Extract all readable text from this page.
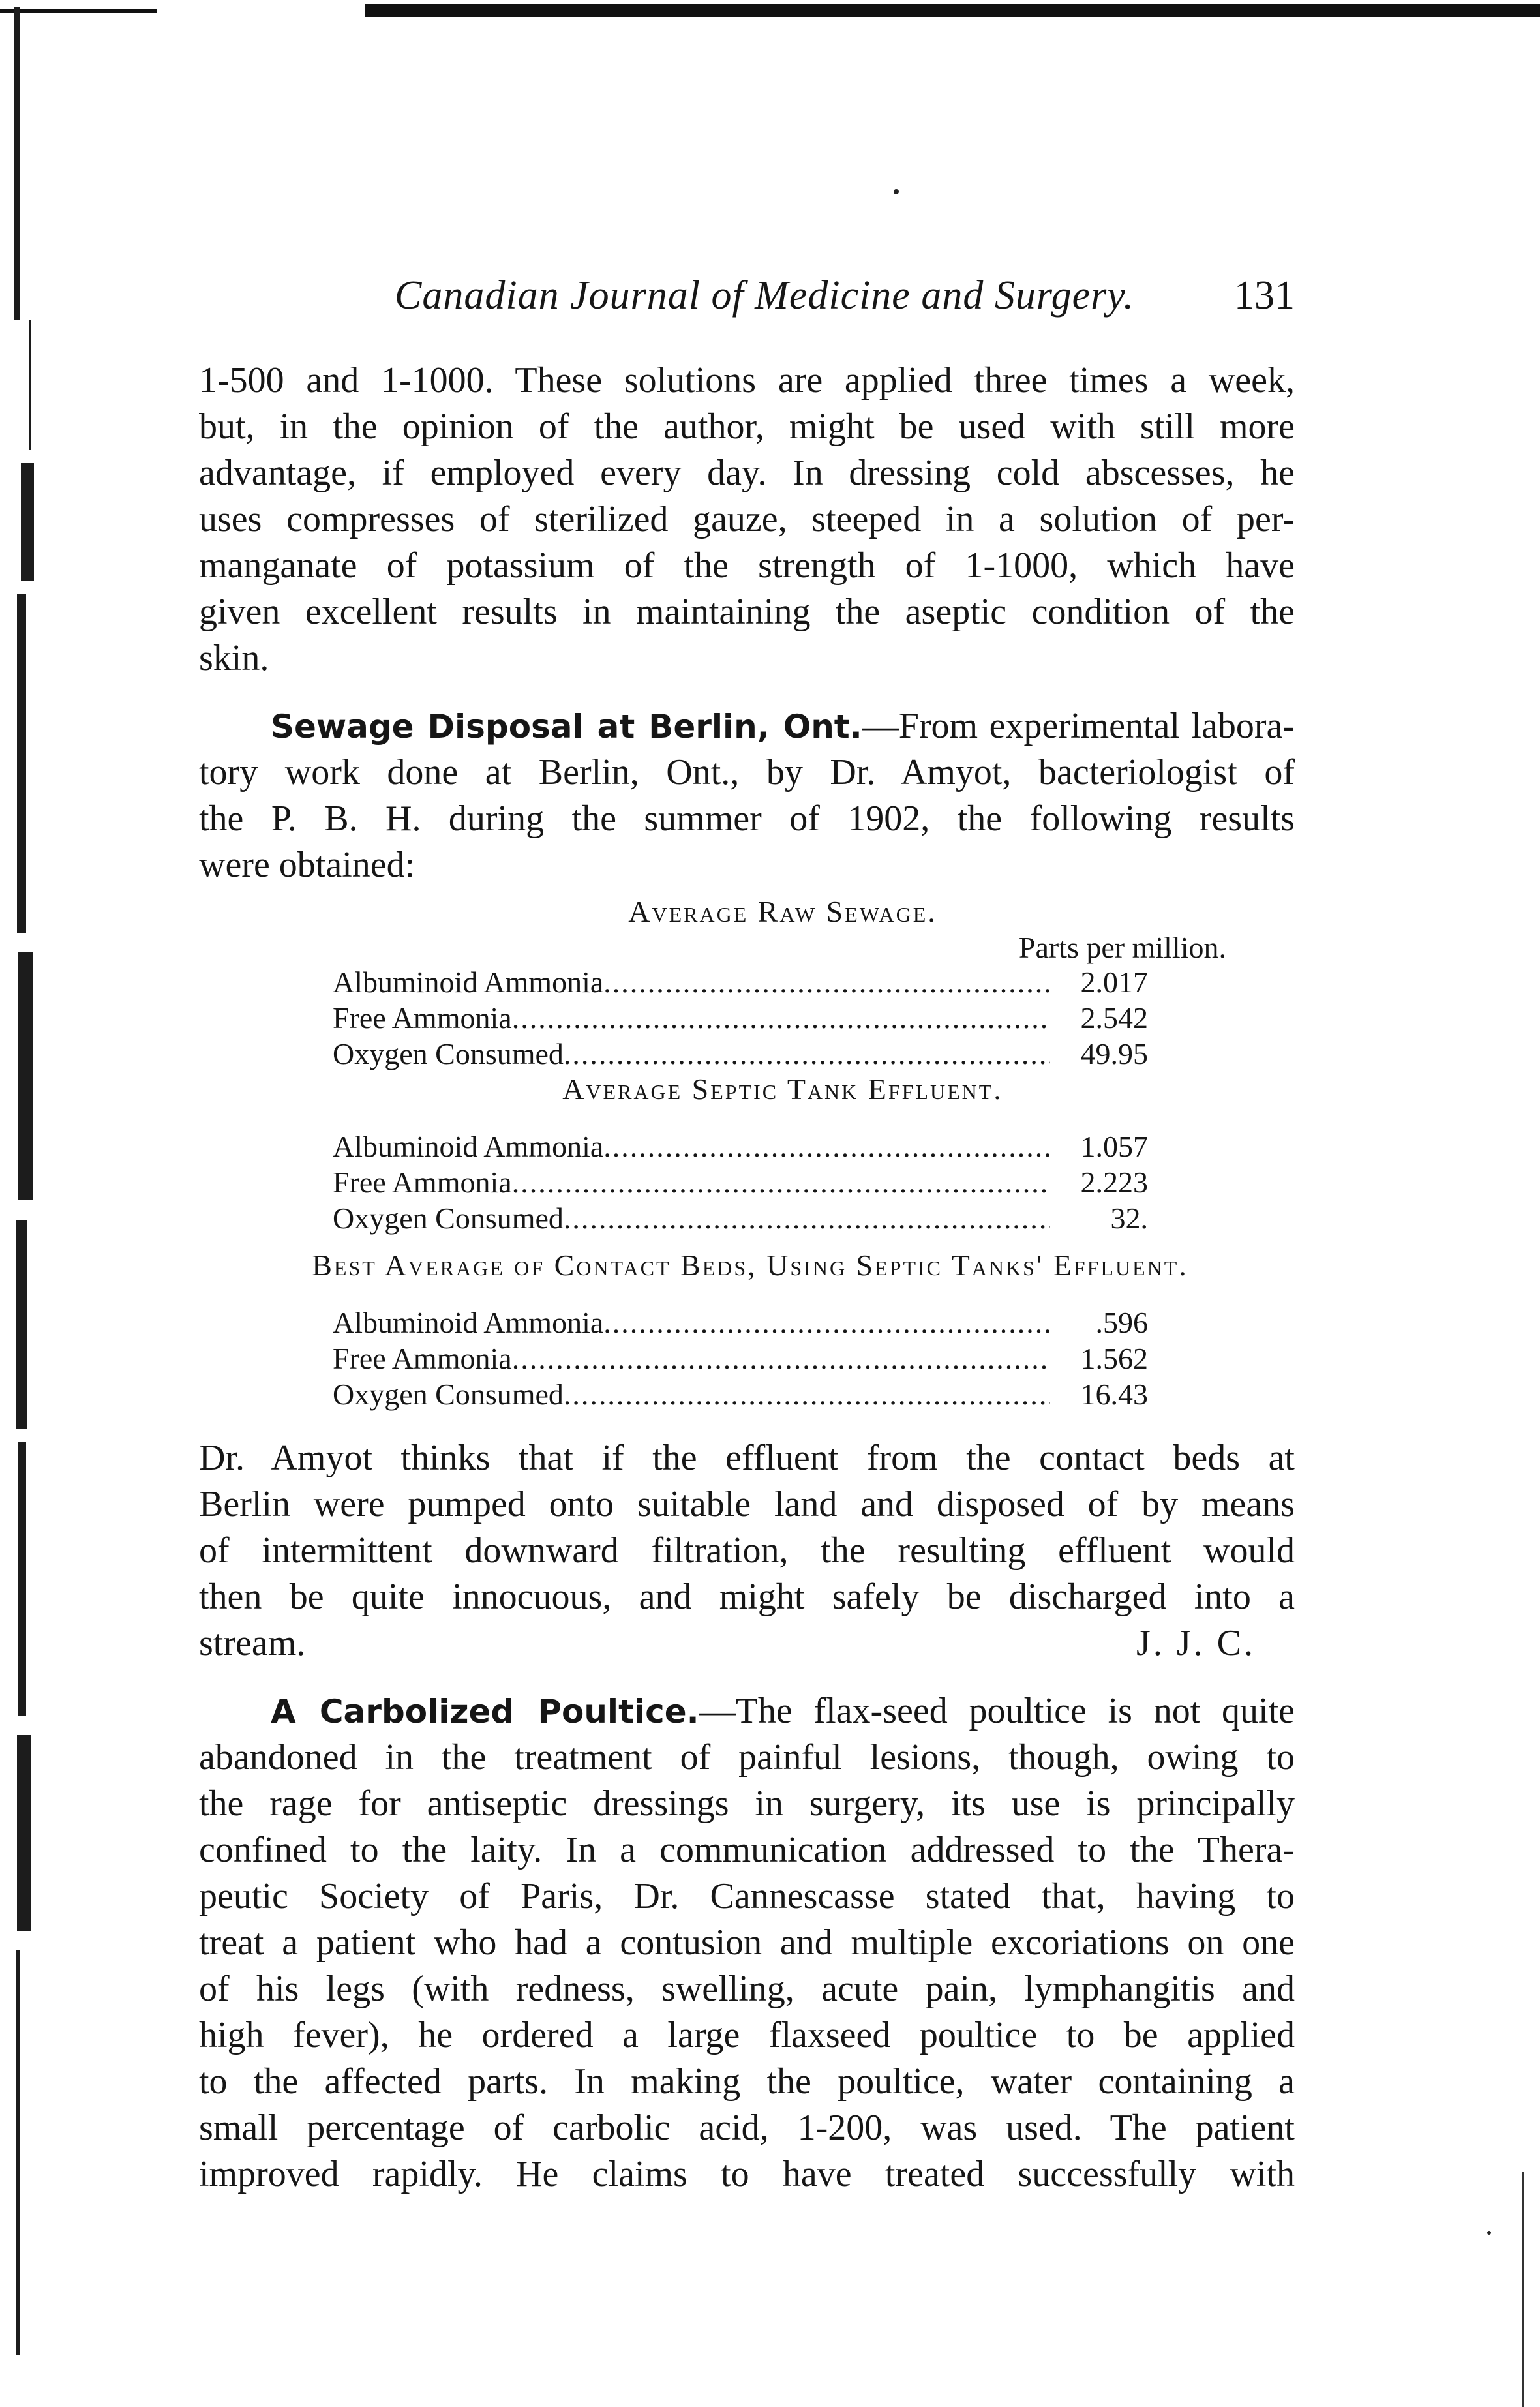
Canadian Journal of Medicine and Surgery. 131
1-500 and 1-1000. These solutions are applied three times a week,
but, in the opinion of the author, might be used with still more
advantage, if employed every day. In dressing cold abscesses, he
uses compresses of sterilized gauze, steeped in a solution of per-
manganate of potassium of the strength of 1-1000, which have
given excellent results in maintaining the aseptic condition of the
skin.
Sewage Disposal at Berlin, Ont.—From experimental labora-
tory work done at Berlin, Ont., by Dr. Amyot, bacteriologist of
the P. B. H. during the summer of 1902, the following results
were obtained:
Average Raw Sewage.
Parts per million.
Albuminoid Ammonia .....	2.017
Free Ammonia .....	2.542
Oxygen Consumed .....	49.95
Average Septic Tank Effluent.
Albuminoid Ammonia .....	1.057
Free Ammonia .....	2.223
Oxygen Consumed .....	32.
Best Average of Contact Beds, Using Septic Tanks' Effluent.
Albuminoid Ammonia .....	.596
Free Ammonia .....	1.562
Oxygen Consumed .....	16.43
Dr. Amyot thinks that if the effluent from the contact beds at
Berlin were pumped onto suitable land and disposed of by means
of intermittent downward filtration, the resulting effluent would
then be quite innocuous, and might safely be discharged into a
stream.	J. J. C.
A Carbolized Poultice.—The flax-seed poultice is not quite
abandoned in the treatment of painful lesions, though, owing to
the rage for antiseptic dressings in surgery, its use is principally
confined to the laity. In a communication addressed to the Thera-
peutic Society of Paris, Dr. Cannescasse stated that, having to
treat a patient who had a contusion and multiple excoriations on one
of his legs (with redness, swelling, acute pain, lymphangitis and
high fever), he ordered a large flaxseed poultice to be applied
to the affected parts. In making the poultice, water containing a
small percentage of carbolic acid, 1-200, was used. The patient
improved rapidly. He claims to have treated successfully with
